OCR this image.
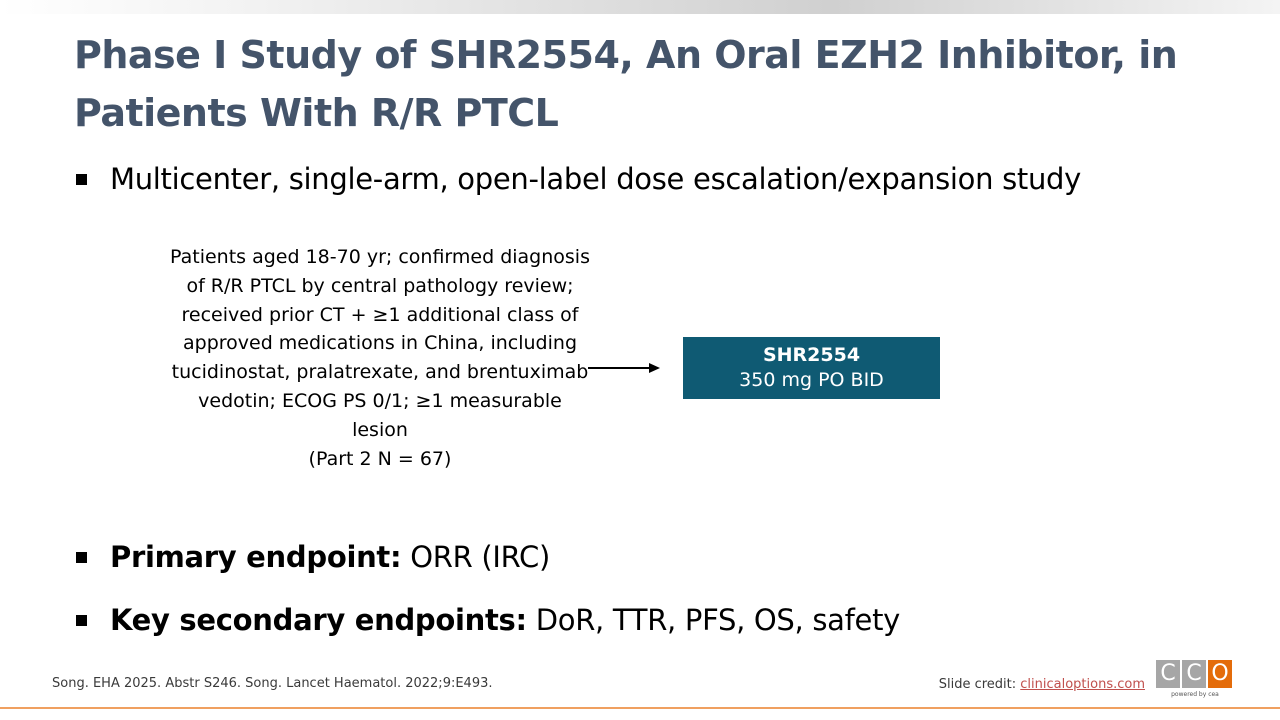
Phase I Study of SHR2554, An Oral EZH2 Inhibitor, in Patients With R/R PTCL
Multicenter, single-arm, open-label dose escalation/expansion study
Patients aged 18-70 yr; confirmed diagnosis of R/R PTCL by central pathology review; received prior CT + ≥1 additional class of approved medications in China, including tucidinostat, pralatrexate, and brentuximab vedotin; ECOG PS 0/1; ≥1 measurable lesion
(Part 2 N = 67)
SHR2554
350 mg PO BID
Primary endpoint: ORR (IRC)
Key secondary endpoints: DoR, TTR, PFS, OS, safety
Song. EHA 2025. Abstr S246. Song. Lancet Haematol. 2022;9:E493.	Slide credit: clinicaloptions.com C C O
powered by cea
